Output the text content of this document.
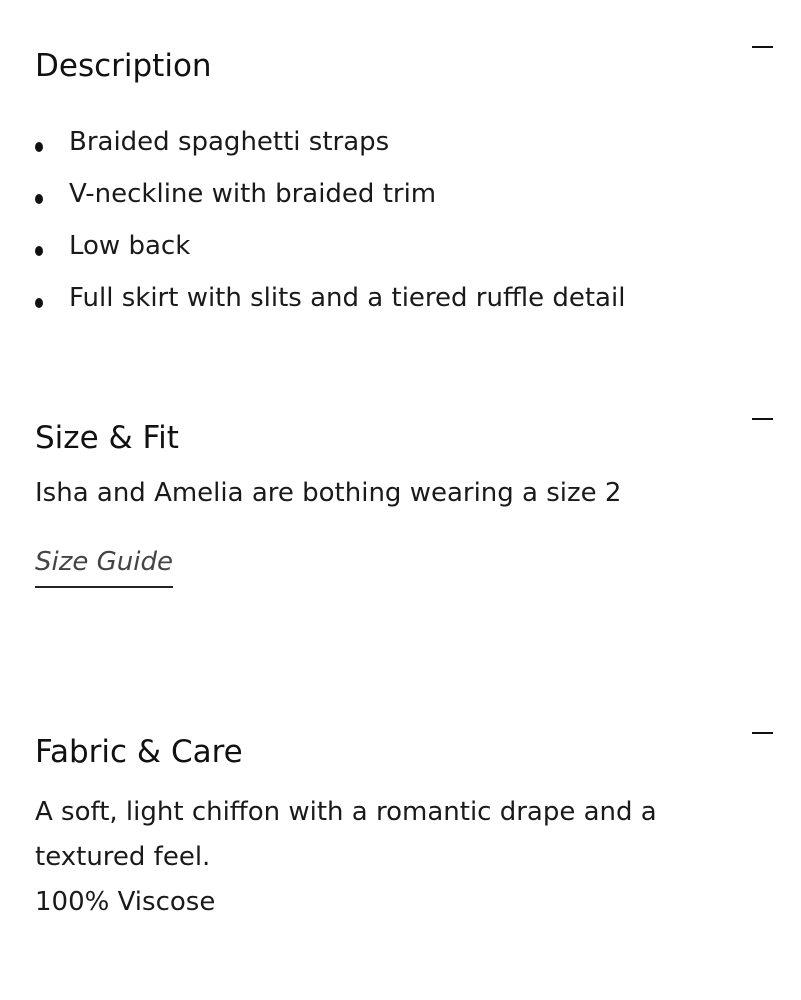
Description
Braided spaghetti straps
V-neckline with braided trim
Low back
Full skirt with slits and a tiered ruffle detail
Size & Fit

Isha and Amelia are bothing wearing a size 2

Size Guide
Fabric & Care

A soft, light chiffon with a romantic drape and a textured feel.

100% Viscose
